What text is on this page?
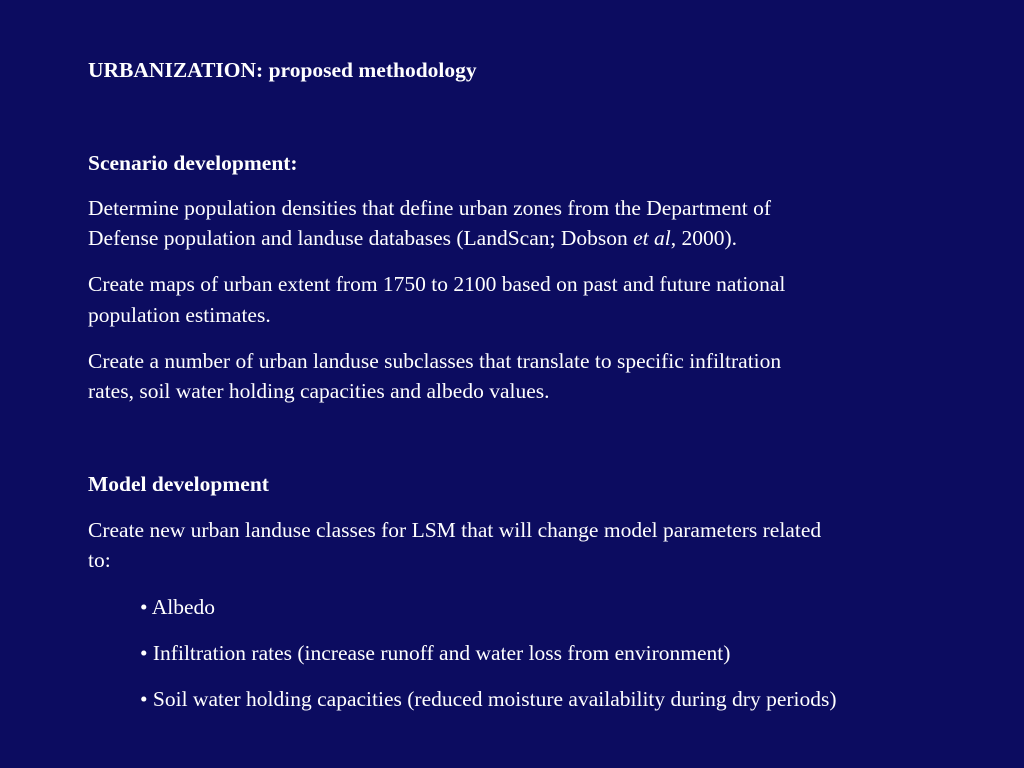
URBANIZATION: proposed methodology
Scenario development:
Determine population densities that define urban zones from the Department of
Defense population and landuse databases (LandScan; Dobson et al, 2000).
Create maps of urban extent from 1750 to 2100 based on past and future national
population estimates.
Create a number of urban landuse subclasses that translate to specific infiltration
rates, soil water holding capacities and albedo values.
Model development
Create new urban landuse classes for LSM that will change model parameters related
to:
• Albedo
• Infiltration rates (increase runoff and water loss from environment)
• Soil water holding capacities (reduced moisture availability during dry periods)
